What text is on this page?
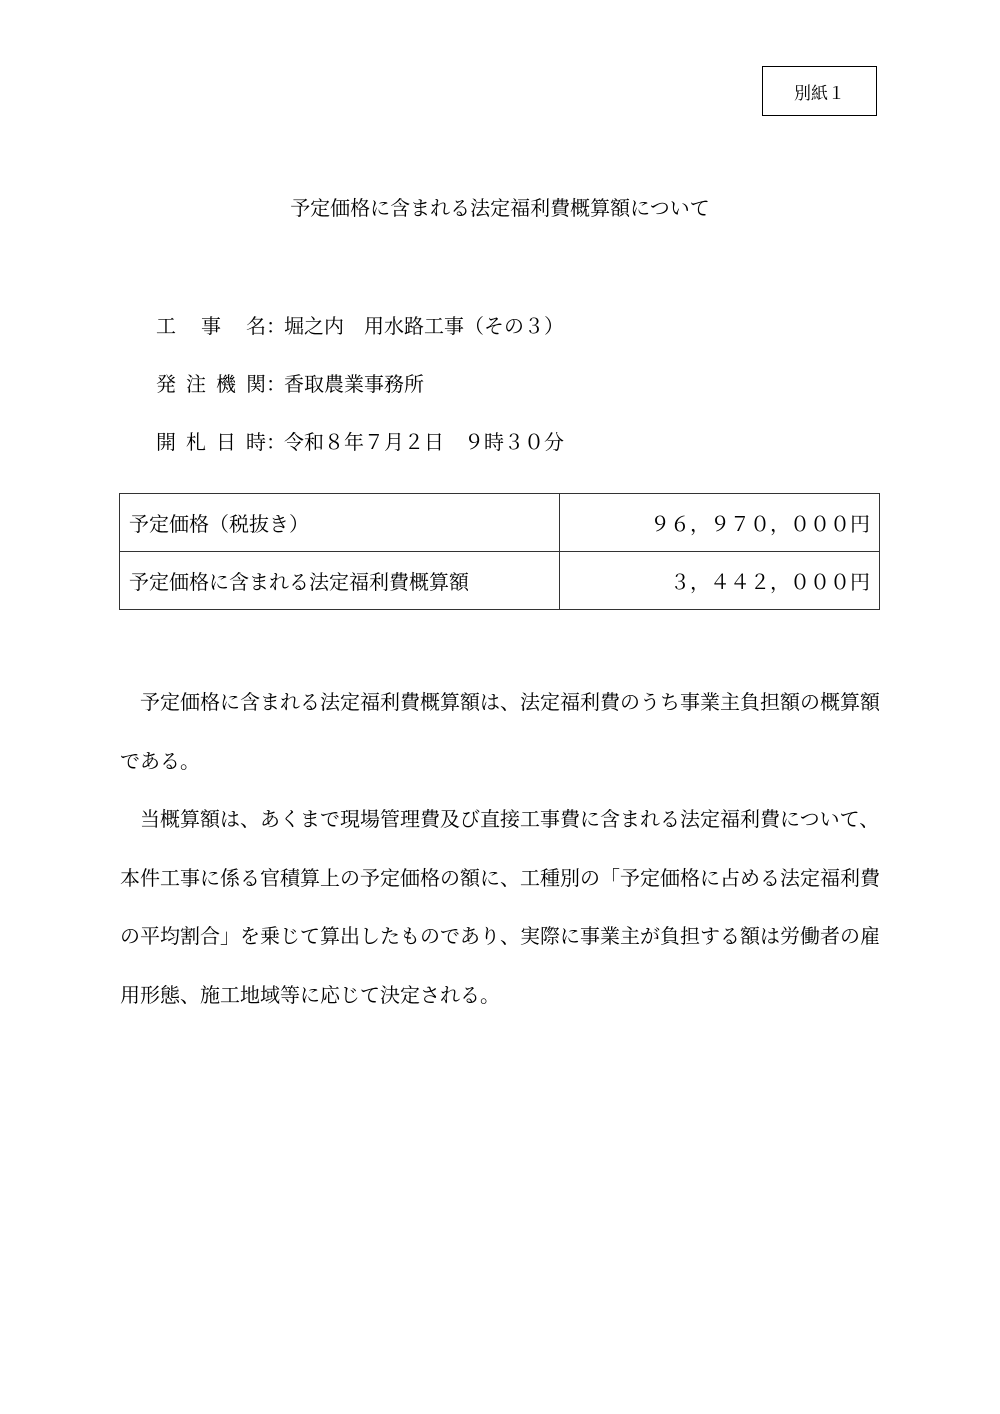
別紙１
予定価格に含まれる法定福利費概算額について
工事名：堀之内　用水路工事（その３）
発注機関：香取農業事務所
開札日時：令和８年７月２日　９時３０分
予定価格（税抜き）	９６，９７０，０００円
予定価格に含まれる法定福利費概算額	３，４４２，０００円

予定価格に含まれる法定福利費概算額は、法定福利費のうち事業主負担額の概算額である。

当概算額は、あくまで現場管理費及び直接工事費に含まれる法定福利費について、本件工事に係る官積算上の予定価格の額に、工種別の「予定価格に占める法定福利費の平均割合」を乗じて算出したものであり、実際に事業主が負担する額は労働者の雇用形態、施工地域等に応じて決定される。
